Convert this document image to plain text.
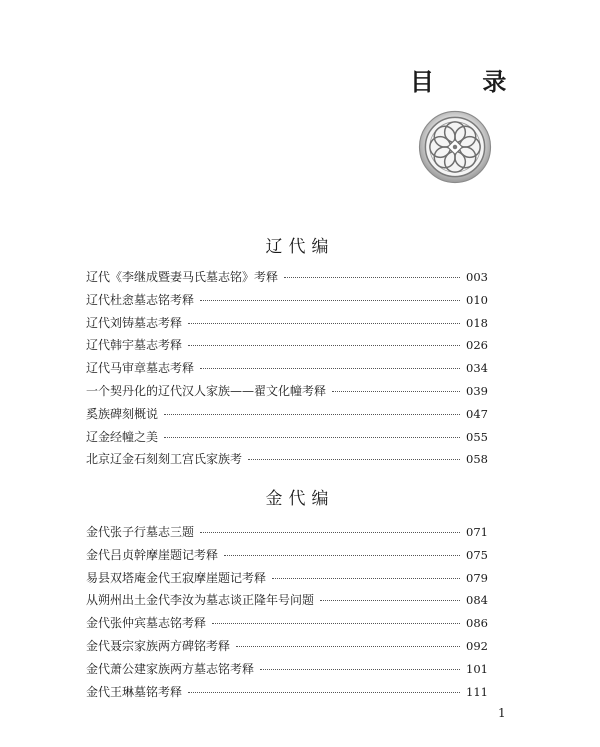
目 录
辽代编
辽代《李继成暨妻马氏墓志铭》考释	003
辽代杜悆墓志铭考释	010
辽代刘铸墓志考释	018
辽代韩宇墓志考释	026
辽代马审章墓志考释	034
一个契丹化的辽代汉人家族——翟文化幢考释	039
奚族碑刻概说	047
辽金经幢之美	055
北京辽金石刻刻工宫氏家族考	058
金代编
金代张子行墓志三题	071
金代吕贞幹摩崖题记考释	075
易县双塔庵金代王寂摩崖题记考释	079
从朔州出土金代李汝为墓志谈正隆年号问题	084
金代张仲宾墓志铭考释	086
金代聂宗家族两方碑铭考释	092
金代萧公建家族两方墓志铭考释	101
金代王琳墓铭考释	111
1
